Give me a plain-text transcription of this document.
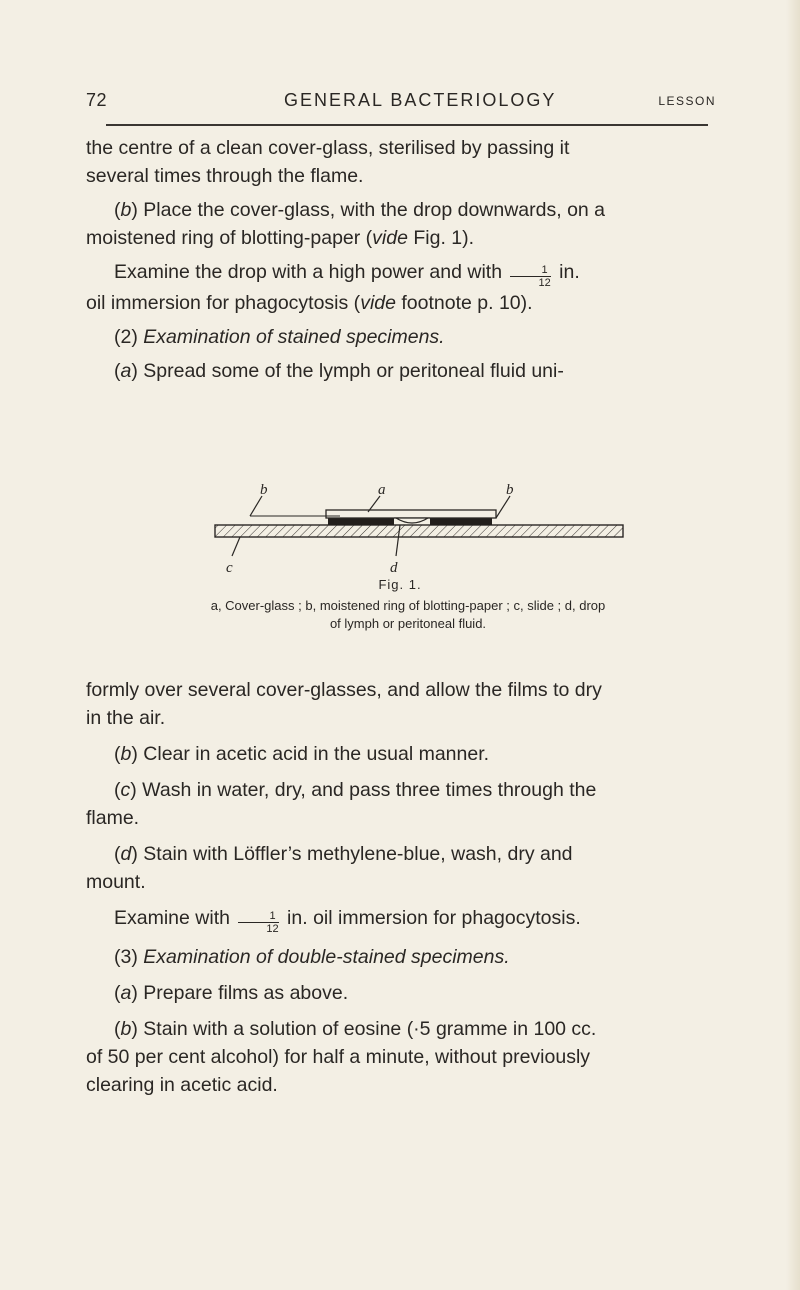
72	GENERAL BACTERIOLOGY	LESSON

the centre of a clean cover-glass, sterilised by passing it
several times through the flame.

(b) Place the cover-glass, with the drop downwards, on a
moistened ring of blotting-paper (vide Fig. 1).

Examine the drop with a high power and with $\frac{1}{12}$ in.
oil immersion for phagocytosis (vide footnote p. 10).

(2) Examination of stained specimens.

(a) Spread some of the lymph or peritoneal fluid uni-

b	a	b
c	d
Fig. 1.
a, Cover-glass ; b, moistened ring of blotting-paper ; c, slide ; d, drop
of lymph or peritoneal fluid.

formly over several cover-glasses, and allow the films to dry
in the air.

(b) Clear in acetic acid in the usual manner.

(c) Wash in water, dry, and pass three times through the
flame.

(d) Stain with Löffler’s methylene-blue, wash, dry and
mount.

Examine with $\frac{1}{12}$ in. oil immersion for phagocytosis.

(3) Examination of double-stained specimens.

(a) Prepare films as above.

(b) Stain with a solution of eosine (·5 gramme in 100 cc.
of 50 per cent alcohol) for half a minute, without previously
clearing in acetic acid.
